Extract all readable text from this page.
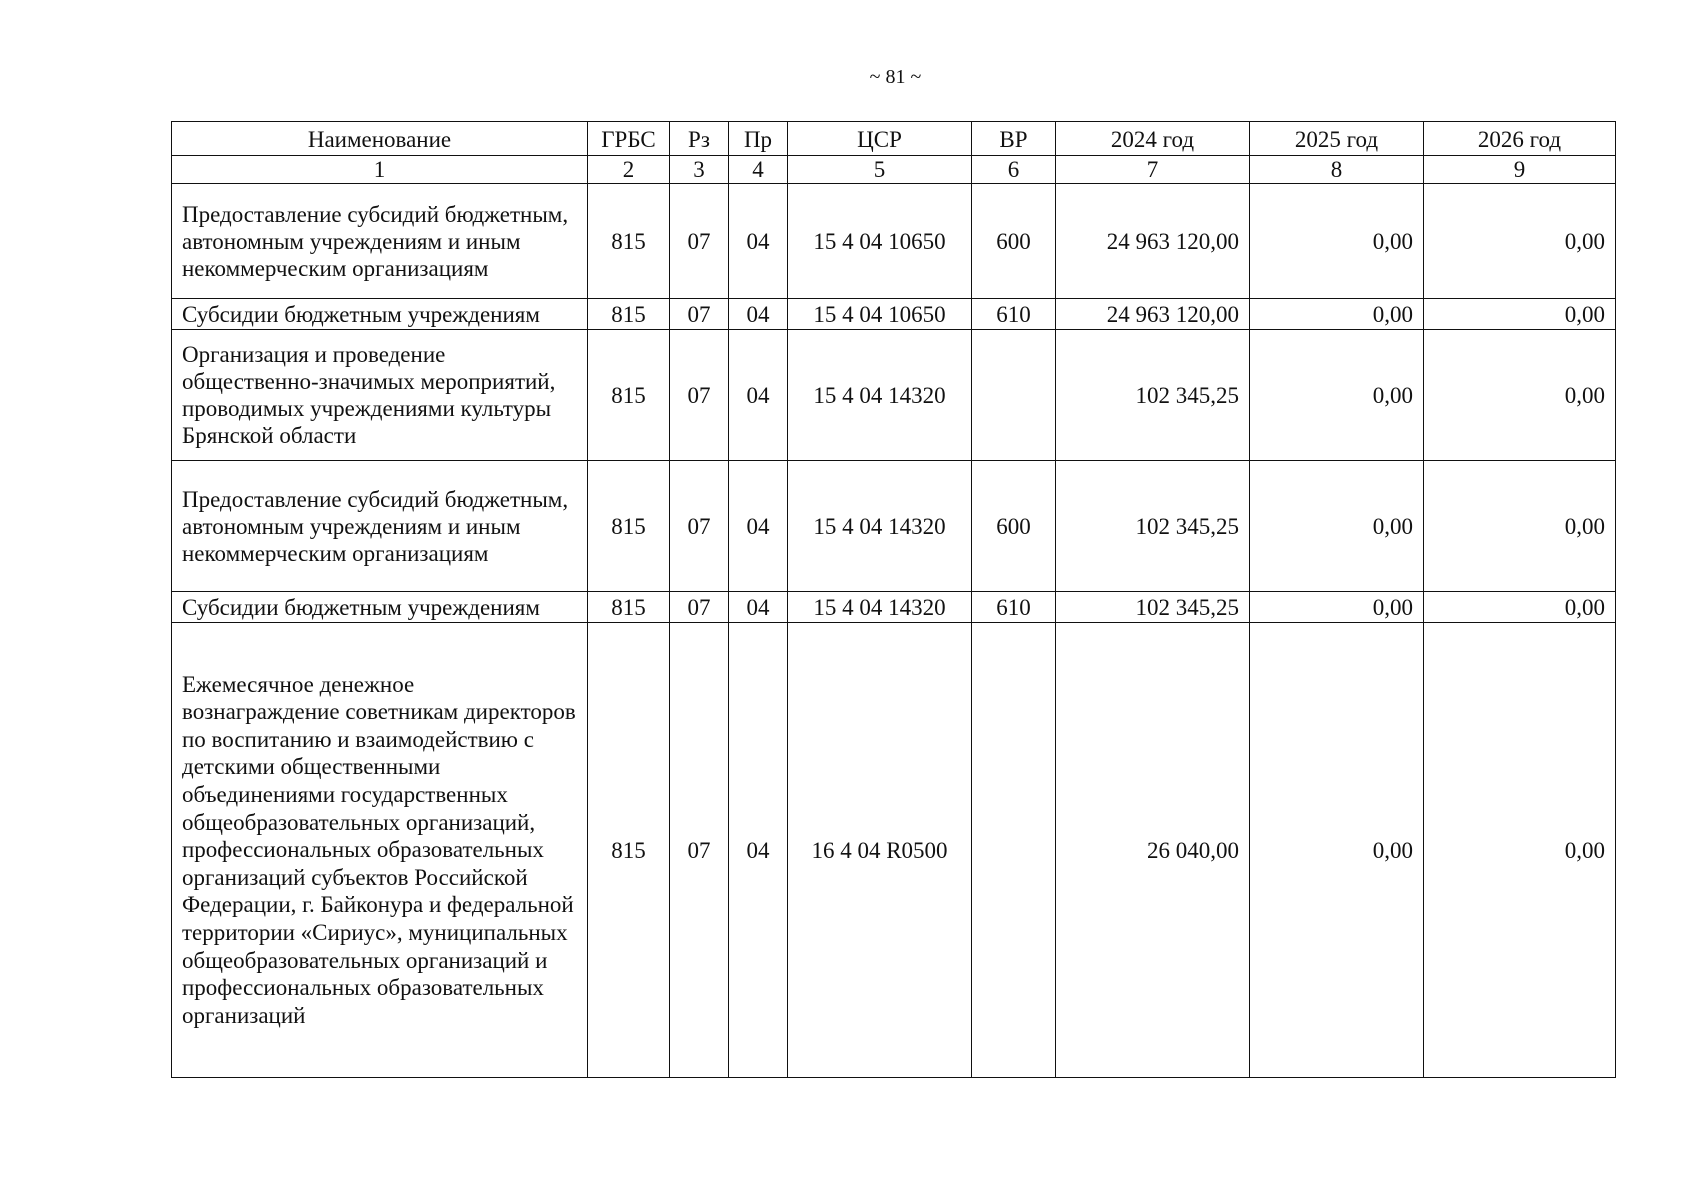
~ 81 ~
Наименование	ГРБС	Рз	Пр	ЦСР	ВР	2024 год	2025 год	2026 год
1	2	3	4	5	6	7	8	9
Предоставление субсидий бюджетным, автономным учреждениям и иным некоммерческим организациям	815	07	04	15 4 04 10650	600	24 963 120,00	0,00	0,00
Субсидии бюджетным учреждениям	815	07	04	15 4 04 10650	610	24 963 120,00	0,00	0,00
Организация и проведение общественно-значимых мероприятий, проводимых учреждениями культуры Брянской области	815	07	04	15 4 04 14320		102 345,25	0,00	0,00
Предоставление субсидий бюджетным, автономным учреждениям и иным некоммерческим организациям	815	07	04	15 4 04 14320	600	102 345,25	0,00	0,00
Субсидии бюджетным учреждениям	815	07	04	15 4 04 14320	610	102 345,25	0,00	0,00
Ежемесячное денежное вознаграждение советникам директоров по воспитанию и взаимодействию с детскими общественными объединениями государственных общеобразовательных организаций, профессиональных образовательных организаций субъектов Российской Федерации, г. Байконура и федеральной территории «Сириус», муниципальных общеобразовательных организаций и профессиональных образовательных организаций	815	07	04	16 4 04 R0500		26 040,00	0,00	0,00
